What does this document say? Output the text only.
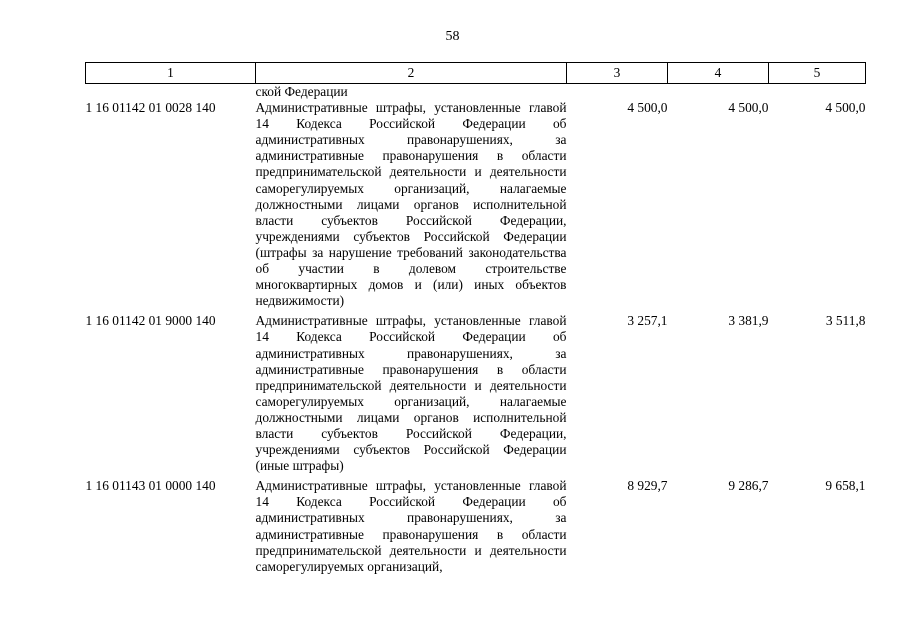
58
1	2	3	4	5
	ской Федерации			
1 16 01142 01 0028 140	Административные штрафы, установленные главой 14 Кодекса Российской Федерации об административных правонарушениях, за административные правонарушения в области предпринимательской деятельности и деятельности саморегулируемых организаций, налагаемые должностными лицами органов исполнительной власти субъектов Российской Федерации, учреждениями субъектов Российской Федерации (штрафы за нарушение требований законодательства об участии в долевом строительстве многоквартирных домов и (или) иных объектов недвижимости)	4 500,0	4 500,0	4 500,0
1 16 01142 01 9000 140	Административные штрафы, установленные главой 14 Кодекса Российской Федерации об административных правонарушениях, за административные правонарушения в области предпринимательской деятельности и деятельности саморегулируемых организаций, налагаемые должностными лицами органов исполнительной власти субъектов Российской Федерации, учреждениями субъектов Российской Федерации (иные штрафы)	3 257,1	3 381,9	3 511,8
1 16 01143 01 0000 140	Административные штрафы, установленные главой 14 Кодекса Российской Федерации об административных правонарушениях, за административные правонарушения в области предпринимательской деятельности и деятельности саморегулируемых организаций,	8 929,7	9 286,7	9 658,1
